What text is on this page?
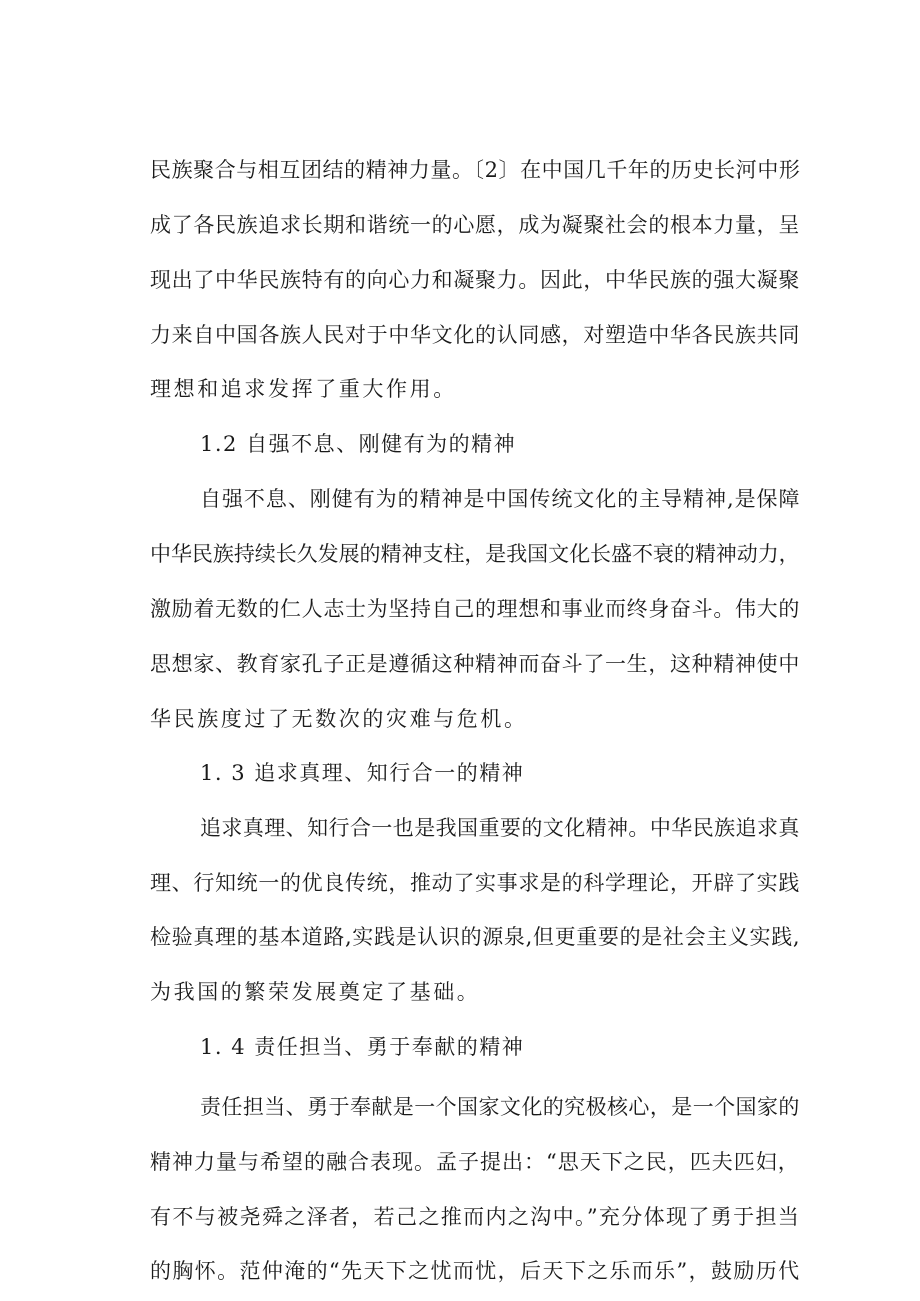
民族聚合与相互团结的精神力量。〔2〕在中国几千年的历史长河中形
成了各民族追求长期和谐统一的心愿，成为凝聚社会的根本力量，呈
现出了中华民族特有的向心力和凝聚力。因此，中华民族的强大凝聚
力来自中国各族人民对于中华文化的认同感，对塑造中华各民族共同
理想和追求发挥了重大作用。
1.2 自强不息、刚健有为的精神
自强不息、刚健有为的精神是中国传统文化的主导精神,是保障
中华民族持续长久发展的精神支柱，是我国文化长盛不衰的精神动力，
激励着无数的仁人志士为坚持自己的理想和事业而终身奋斗。伟大的
思想家、教育家孔子正是遵循这种精神而奋斗了一生，这种精神使中
华民族度过了无数次的灾难与危机。
1. 3 追求真理、知行合一的精神
追求真理、知行合一也是我国重要的文化精神。中华民族追求真
理、行知统一的优良传统，推动了实事求是的科学理论，开辟了实践
检验真理的基本道路,实践是认识的源泉,但更重要的是社会主义实践,
为我国的繁荣发展奠定了基础。
1. 4 责任担当、勇于奉献的精神
责任担当、勇于奉献是一个国家文化的究极核心，是一个国家的
精神力量与希望的融合表现。孟子提出：“思天下之民，匹夫匹妇，
有不与被尧舜之泽者，若己之推而内之沟中。”充分体现了勇于担当
的胸怀。范仲淹的“先天下之忧而忧，后天下之乐而乐”，鼓励历代
